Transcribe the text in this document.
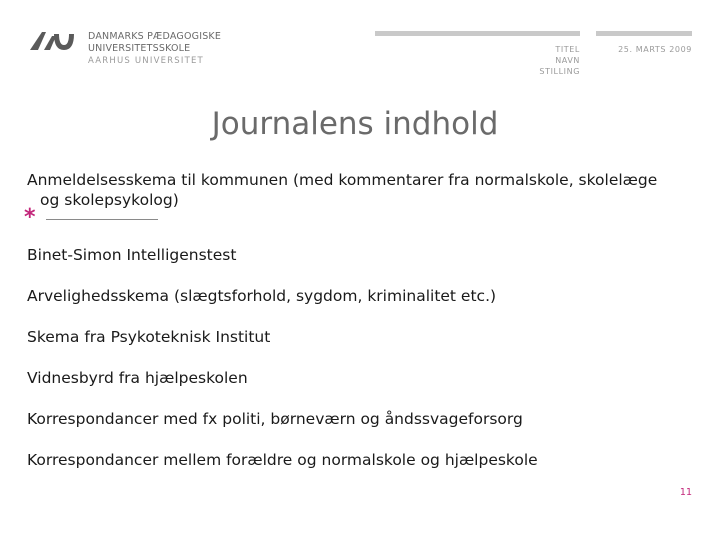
DANMARKS PÆDAGOGISKE
UNIVERSITETSSKOLE
AARHUS UNIVERSITET
TITEL
NAVN
STILLING
25. MARTS 2009
Journalens indhold
Anmeldelsesskema til kommunen (med kommentarer fra normalskole, skolelæge
og skolepsykolog)
Binet-Simon Intelligenstest
Arvelighedsskema (slægtsforhold, sygdom, kriminalitet etc.)
Skema fra Psykoteknisk Institut
Vidnesbyrd fra hjælpeskolen
Korrespondancer med fx politi, børneværn og åndssvageforsorg
Korrespondancer mellem forældre og normalskole og hjælpeskole
*
11
